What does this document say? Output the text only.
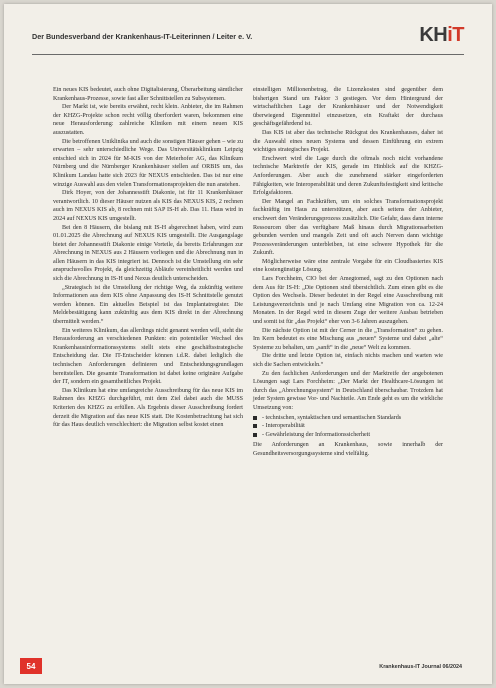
Der Bundesverband der Krankenhaus-IT-Leiterinnen / Leiter e. V.	KHiT

Ein neues KIS bedeutet, auch ohne Digitalisierung, Überarbeitung sämtlicher Krankenhaus-Prozesse, sowie fast aller Schnittstellen zu Subsystemen.

Der Markt ist, wie bereits erwähnt, recht klein. Anbieter, die im Rahmen der KHZG-Projekte schon recht völlig überfordert waren, bekommen eine neue Herausforderung: zahlreiche Kliniken mit einem neuen KIS auszustatten.

Die betroffenen Uniklinika und auch die sonstigen Häuser gehen – wie zu erwarten – sehr unterschiedliche Wege. Das Universitätsklinikum Leipzig entschied sich in 2024 für M-KIS von der Meierhofer AG, das Klinikum Nürnberg und die Nürnberger Krankenhäuser stellen auf ORBIS um, das Klinikum Landau hatte sich 2023 für NEXUS entschieden. Das ist nur eine winzige Auswahl aus den vielen Transformationsprojekten die nun anstehen.

Dirk Hoyer, von der Johannesstift Diakonie, ist für 11 Krankenhäuser verantwortlich. 10 dieser Häuser nutzen als KIS das NEXUS KIS, 2 rechnen auch im NEXUS KIS ab, 8 rechnen mit SAP IS-H ab. Das 11. Haus wird in 2024 auf NEXUS KIS umgestellt.

Bei den 8 Häusern, die bislang mit IS-H abgerechnet haben, wird zum 01.01.2025 die Abrechnung auf NEXUS KIS umgestellt. Die Ausgangslage bietet der Johannesstift Diakonie einige Vorteile, da bereits Erfahrungen zur Abrechnung in NEXUS aus 2 Häusern vorliegen und die Abrechnung nun in allen Häusern in das KIS integriert ist. Dennoch ist die Umstellung ein sehr anspruchsvolles Projekt, da gleichzeitig Abläufe vereinheitlicht werden und sich die Abrechnung in IS-H und Nexus deutlich unterscheiden.

„Strategisch ist die Umstellung der richtige Weg, da zukünftig weitere Informationen aus dem KIS ohne Anpassung des IS-H Schnittstelle genutzt werden können. Ein aktuelles Beispiel ist das Implantatregister. Die Meldebestätigung kann zukünftig aus dem KIS direkt in der Abrechnung übermittelt werden.“

Ein weiteres Klinikum, das allerdings nicht genannt werden will, sieht die Herausforderung an verschiedenen Punkten: ein potentieller Wechsel des Krankenhausinformationssystems stellt stets eine geschäftsstrategische Entscheidung dar. Die IT-Entscheider können i.d.R. dabei lediglich die technischen Anforderungen definieren und Entscheidungsgrundlagen bereitstellen. Die gesamte Transformation ist dabei keine originäre Aufgabe der IT, sondern ein gesamtheitliches Projekt.

Das Klinikum hat eine umfangreiche Ausschreibung für das neue KIS im Rahmen des KHZG durchgeführt, mit dem Ziel dabei auch die MUSS Kriterien des KHZG zu erfüllen. Als Ergebnis dieser Ausschreibung fordert derzeit die Migration auf das neue KIS statt. Die Kostenbetrachtung hat sich für das Haus deutlich verschlechtert: die Migration selbst kostet einen

einstelligen Millionenbetrag, die Lizenzkosten sind gegenüber dem bisherigen Stand um Faktor 3 gestiegen. Vor dem Hintergrund der wirtschaftlichen Lage der Krankenhäuser und der Notwendigkeit überwiegend Eigenmittel einzusetzen, ein Kraftakt der durchaus geschäftsgefährdend ist.

Das KIS ist aber das technische Rückgrat des Krankenhauses, daher ist die Auswahl eines neuen Systems und dessen Einführung ein extrem wichtiges strategisches Projekt.

Erschwert wird die Lage durch die oftmals noch nicht vorhandene technische Marktreife der KIS, gerade im Hinblick auf die KHZG-Anforderungen. Aber auch die zunehmend stärker eingeforderten Fähigkeiten, wie Interoperabilität und deren Zukunftsfestigkeit sind kritische Erfolgsfaktoren.

Der Mangel an Fachkräften, um ein solches Transformationsprojekt fachkräftig im Haus zu unterstützen, aber auch seitens der Anbieter, erschwert den Veränderungsprozess zusätzlich. Die Gefahr, dass dann interne Ressourcen über das verfügbare Maß hinaus durch Migrationsarbeiten gebunden werden und mangels Zeit und oft auch Nerven dann wichtige Prozessveränderungen unterbleiben, ist eine schwere Hypothek für die Zukunft.

Möglicherweise wäre eine zentrale Vorgabe für ein Cloudbasiertes KIS eine kostengünstige Lösung.

Lars Forchheim, CIO bei der Amegtomed, sagt zu den Optionen nach dem Aus für IS-H: „Die Optionen sind übersichtlich. Zum einen gibt es die Option des Wechsels. Dieser bedeutet in der Regel eine Ausschreibung mit Leistungsverzeichnis und je nach Umfang eine Migration von ca. 12-24 Monaten. In der Regel wird in diesem Zuge der weitere Ausbau betrieben und somit ist für „das Projekt“ eher von 3-6 Jahren auszugehen.

Die nächste Option ist mit der Cerner in die „Transformation“ zu gehen. Im Kern bedeutet es eine Mischung aus „neuen“ Systeme und dabei „alte“ Systeme zu behalten, um „sanft“ in die „neue“ Welt zu kommen.

Die dritte und letzte Option ist, einfach nichts machen und warten wie sich die Sachen entwickeln.“

Zu den fachlichen Anforderungen und der Marktreife der angebotenen Lösungen sagt Lars Forchheim: „Der Markt der Healthcare-Lösungen ist durch das „Abrechnungssystem“ in Deutschland überschaubar. Trotzdem hat jeder System gewisse Vor- und Nachteile. Am Ende geht es um die wirkliche Umsetzung von:

- technischen, syntaktischen und semantischen Standards
- Interoperabilität
- Gewährleistung der Informationssicherheit

Die Anforderungen an Krankenhaus, sowie innerhalb der Gesundheitsversorgungssysteme sind vielfältig.

54	Krankenhaus-IT Journal 06/2024
